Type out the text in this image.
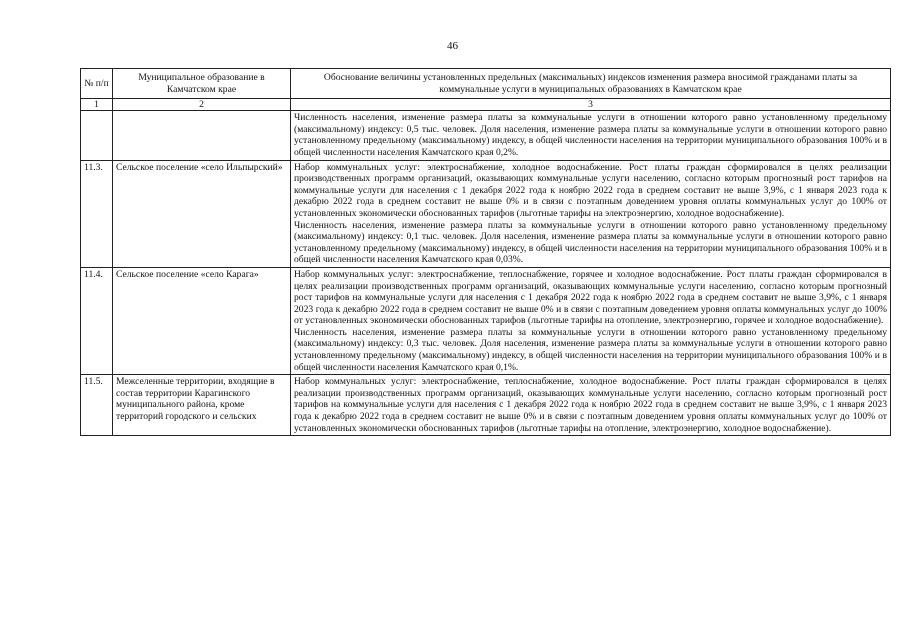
46
№ п/п	Муниципальное образование в Камчатском крае	Обоснование величины установленных предельных (максимальных) индексов изменения размера вносимой гражданами платы за коммунальные услуги в муниципальных образованиях в Камчатском крае
1	2	3

		Численность населения, изменение размера платы за коммунальные услуги в отношении которого равно установленному предельному (максимальному) индексу: 0,5 тыс. человек. Доля населения, изменение размера платы за коммунальные услуги в отношении которого равно установленному предельному (максимальному) индексу, в общей численности населения на территории муниципального образования 100% и в общей численности населения Камчатского края 0,2%.

11.3.	Сельское поселение «село Ильпырский»	Набор коммунальных услуг: электроснабжение, холодное водоснабжение. Рост платы граждан сформировался в целях реализации производственных программ организаций, оказывающих коммунальные услуги населению, согласно которым прогнозный рост тарифов на коммунальные услуги для населения с 1 декабря 2022 года к ноябрю 2022 года в среднем составит не выше 3,9%, с 1 января 2023 года к декабрю 2022 года в среднем составит не выше 0% и в связи с поэтапным доведением уровня оплаты коммунальных услуг до 100% от установленных экономически обоснованных тарифов (льготные тарифы на электроэнергию, холодное водоснабжение).

Численность населения, изменение размера платы за коммунальные услуги в отношении которого равно установленному предельному (максимальному) индексу: 0,1 тыс. человек. Доля населения, изменение размера платы за коммунальные услуги в отношении которого равно установленному предельному (максимальному) индексу, в общей численности населения на территории муниципального образования 100% и в общей численности населения Камчатского края 0,03%.

11.4.	Сельское поселение «село Карага»	Набор коммунальных услуг: электроснабжение, теплоснабжение, горячее и холодное водоснабжение. Рост платы граждан сформировался в целях реализации производственных программ организаций, оказывающих коммунальные услуги населению, согласно которым прогнозный рост тарифов на коммунальные услуги для населения с 1 декабря 2022 года к ноябрю 2022 года в среднем составит не выше 3,9%, с 1 января 2023 года к декабрю 2022 года в среднем составит не выше 0% и в связи с поэтапным доведением уровня оплаты коммунальных услуг до 100% от установленных экономически обоснованных тарифов (льготные тарифы на отопление, электроэнергию, горячее и холодное водоснабжение).

Численность населения, изменение размера платы за коммунальные услуги в отношении которого равно установленному предельному (максимальному) индексу: 0,3 тыс. человек. Доля населения, изменение размера платы за коммунальные услуги в отношении которого равно установленному предельному (максимальному) индексу, в общей численности населения на территории муниципального образования 100% и в общей численности населения Камчатского края 0,1%.

11.5.	Межселенные территории, входящие в состав территории Карагинского муниципального района, кроме территорий городского и сельских	Набор коммунальных услуг: электроснабжение, теплоснабжение, холодное водоснабжение. Рост платы граждан сформировался в целях реализации производственных программ организаций, оказывающих коммунальные услуги населению, согласно которым прогнозный рост тарифов на коммунальные услуги для населения с 1 декабря 2022 года к ноябрю 2022 года в среднем составит не выше 3,9%, с 1 января 2023 года к декабрю 2022 года в среднем составит не выше 0% и в связи с поэтапным доведением уровня оплаты коммунальных услуг до 100% от установленных экономически обоснованных тарифов (льготные тарифы на отопление, электроэнергию, холодное водоснабжение).
